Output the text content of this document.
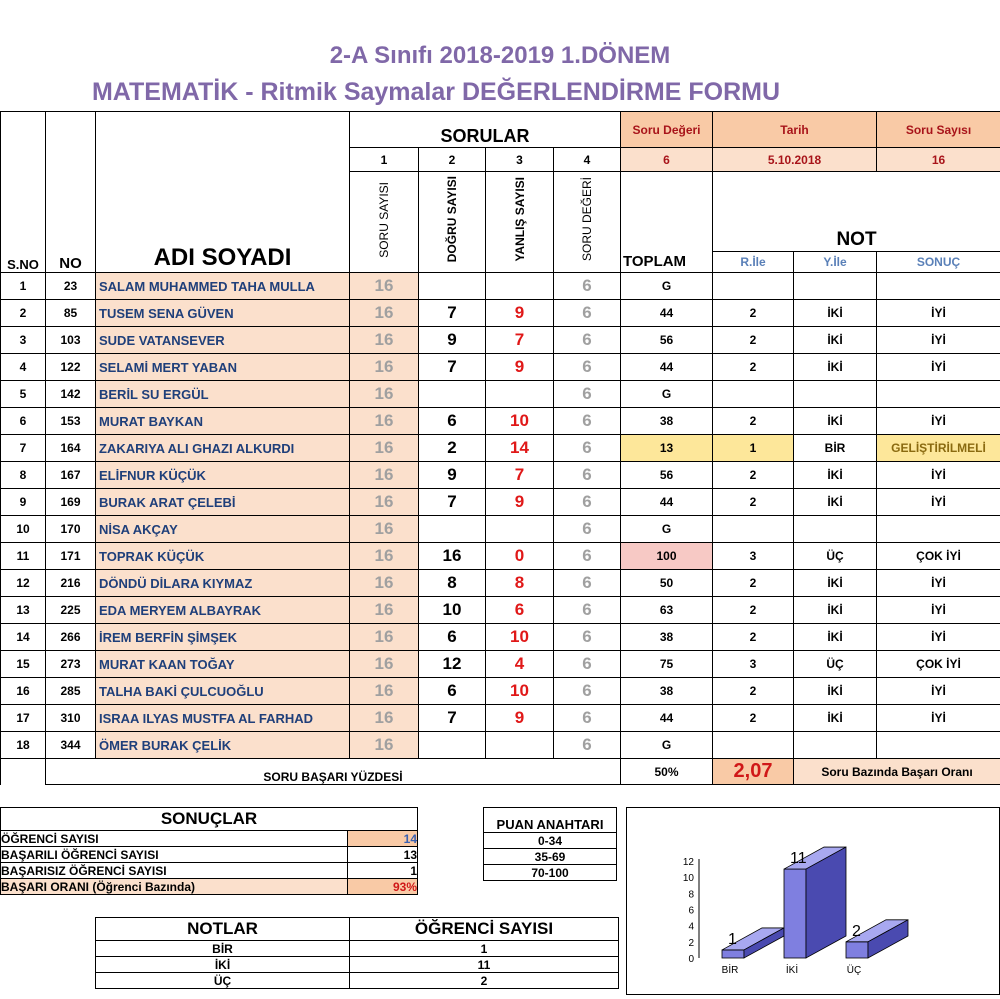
2-A Sınıfı 2018-2019 1.DÖNEM
MATEMATİK - Ritmik Saymalar DEĞERLENDİRME FORMU
S.NO	NO	ADI SOYADI	SORULAR				Soru Değeri	Tarih		Soru Sayısı
			1	2	3	4	6	5.10.2018		16
			SORU SAYISI	DOĞRU SAYISI	YANLIŞ SAYISI	SORU DEĞERİ		NOT		
							TOPLAM	R.İle	Y.İle	SONUÇ
1	23	SALAM MUHAMMED TAHA MULLA	16			6	G			
2	85	TUSEM SENA GÜVEN	16	7	9	6	44	2	İKİ	İYİ
3	103	SUDE VATANSEVER	16	9	7	6	56	2	İKİ	İYİ
4	122	SELAMİ MERT YABAN	16	7	9	6	44	2	İKİ	İYİ
5	142	BERİL SU ERGÜL	16			6	G			
6	153	MURAT BAYKAN	16	6	10	6	38	2	İKİ	İYİ
7	164	ZAKARIYA ALI GHAZI ALKURDI	16	2	14	6	13	1	BİR	GELİŞTİRİLMELİ
8	167	ELİFNUR KÜÇÜK	16	9	7	6	56	2	İKİ	İYİ
9	169	BURAK ARAT ÇELEBİ	16	7	9	6	44	2	İKİ	İYİ
10	170	NİSA AKÇAY	16			6	G			
11	171	TOPRAK KÜÇÜK	16	16	0	6	100	3	ÜÇ	ÇOK İYİ
12	216	DÖNDÜ DİLARA KIYMAZ	16	8	8	6	50	2	İKİ	İYİ
13	225	EDA MERYEM ALBAYRAK	16	10	6	6	63	2	İKİ	İYİ
14	266	İREM BERFİN ŞİMŞEK	16	6	10	6	38	2	İKİ	İYİ
15	273	MURAT KAAN TOĞAY	16	12	4	6	75	3	ÜÇ	ÇOK İYİ
16	285	TALHA BAKİ ÇULCUOĞLU	16	6	10	6	38	2	İKİ	İYİ
17	310	ISRAA ILYAS MUSTFA AL FARHAD	16	7	9	6	44	2	İKİ	İYİ
18	344	ÖMER BURAK ÇELİK	16			6	G			
	SORU BAŞARI YÜZDESİ						50%	2,07	Soru Bazında Başarı Oranı	
SONUÇLAR	
ÖĞRENCİ SAYISI	14
BAŞARILI ÖĞRENCİ SAYISI	13
BAŞARISIZ ÖĞRENCİ SAYISI	1
BAŞARI ORANI (Öğrenci Bazında)	93%
PUAN ANAHTARI
0-34
35-69
70-100
NOTLAR	ÖĞRENCİ SAYISI
BİR	1
İKİ	11
ÜÇ	2
0
2
4
6
8
10
12
1
BİR
11
İKİ
2
ÜÇ
